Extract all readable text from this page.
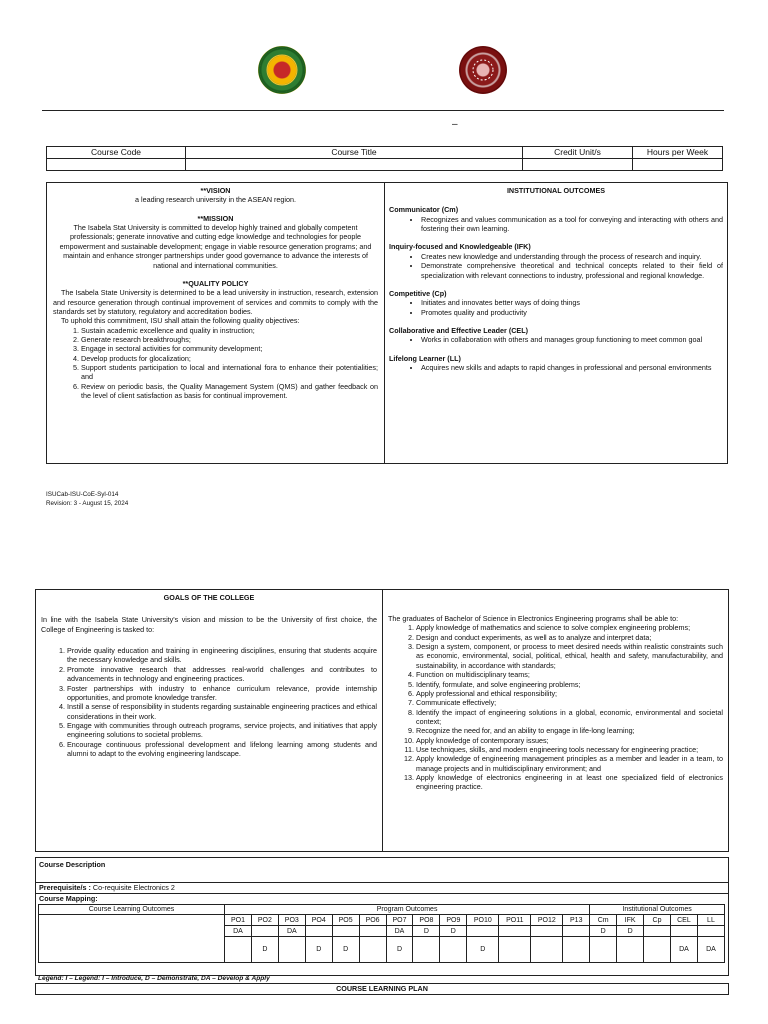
–
Course Code	Course Title	Credit Unit/s	Hours per Week

**VISION
a leading research university in the ASEAN region.
**MISSION
The Isabela Stat University is committed to develop highly trained and globally competent professionals; generate innovative and cutting edge knowledge and technologies for people empowerment and sustainable development; engage in viable resource generation programs; and maintain and enhance stronger partnerships under good governance to advance the interests of national and international communities.
**QUALITY POLICY
The Isabela State University is determined to be a lead university in instruction, research, extension and resource generation through continual improvement of services and commits to comply with the standards set by statutory, regulatory and accreditation bodies.
To uphold this commitment, ISU shall attain the following quality objectives:
1. Sustain academic excellence and quality in instruction;
2. Generate research breakthroughs;
3. Engage in sectoral activities for community development;
4. Develop products for glocalization;
5. Support students participation to local and international fora to enhance their potentialities; and
6. Review on periodic basis, the Quality Management System (QMS) and gather feedback on the level of client satisfaction as basis for continual improvement.
INSTITUTIONAL OUTCOMES
Communicator (Cm)
• Recognizes and values communication as a tool for conveying and interacting with others and fostering their own learning.
Inquiry-focused and Knowledgeable (IFK)
• Creates new knowledge and understanding through the process of research and inquiry.
• Demonstrate comprehensive theoretical and technical concepts related to their field of specialization with relevant connections to industry, professional and regional knowledge.
Competitive (Cp)
• Initiates and innovates better ways of doing things
• Promotes quality and productivity
Collaborative and Effective Leader (CEL)
• Works in collaboration with others and manages group functioning to meet common goal
Lifelong Learner (LL)
• Acquires new skills and adapts to rapid changes in professional and personal environments
ISUCab-ISU-CoE-Syl-014
Revision: 3 - August 15, 2024
GOALS OF THE COLLEGE
In line with the Isabela State University's vision and mission to be the University of first choice, the College of Engineering is tasked to:
1. Provide quality education and training in engineering disciplines, ensuring that students acquire the necessary knowledge and skills.
2. Promote innovative research that addresses real-world challenges and contributes to advancements in technology and engineering practices.
3. Foster partnerships with industry to enhance curriculum relevance, provide internship opportunities, and promote knowledge transfer.
4. Instill a sense of responsibility in students regarding sustainable engineering practices and ethical considerations in their work.
5. Engage with communities through outreach programs, service projects, and initiatives that apply engineering solutions to societal problems.
6. Encourage continuous professional development and lifelong learning among students and alumni to adapt to the evolving engineering landscape.
The graduates of Bachelor of Science in Electronics Engineering programs shall be able to:
1. Apply knowledge of mathematics and science to solve complex engineering problems;
2. Design and conduct experiments, as well as to analyze and interpret data;
3. Design a system, component, or process to meet desired needs within realistic constraints such as economic, environmental, social, political, ethical, health and safety, manufacturability, and sustainability, in accordance with standards;
4. Function on multidisciplinary teams;
5. Identify, formulate, and solve engineering problems;
6. Apply professional and ethical responsibility;
7. Communicate effectively;
8. Identify the impact of engineering solutions in a global, economic, environmental and societal context;
9. Recognize the need for, and an ability to engage in life-long learning;
10. Apply knowledge of contemporary issues;
11. Use techniques, skills, and modern engineering tools necessary for engineering practice;
12. Apply knowledge of engineering management principles as a member and leader in a team, to manage projects and in multidisciplinary environment; and
13. Apply knowledge of electronics engineering in at least one specialized field of electronics engineering practice.
Course Description
Prerequisite/s : Co-requisite Electronics 2
Course Mapping:
Course Learning Outcomes	Program Outcomes													Institutional Outcomes				
	PO1	PO2	PO3	PO4	PO5	PO6	PO7	PO8	PO9	PO10	PO11	PO12	P13	Cm	IFK	Cp	CEL	LL
	DA		DA				DA	D	D					D	D			
		D		D	D		D			D							DA	DA
Legend: I – Legend: I – Introduce, D – Demonstrate, DA – Develop & Apply
COURSE LEARNING PLAN
